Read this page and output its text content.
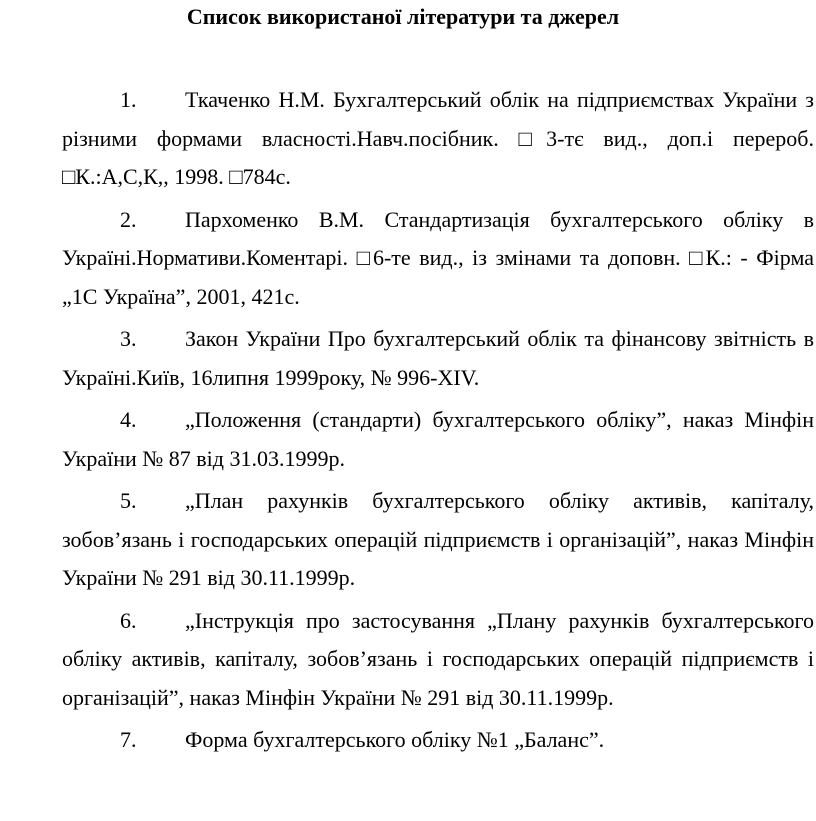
Список використаної літератури та джерел
1. Ткаченко Н.М. Бухгалтерський облік на підприємствах України з різними формами власності.Навч.посібник. □3-тє вид., доп.і перероб. □К.:А,С,К,, 1998. □784с.
2. Пархоменко В.М. Стандартизація бухгалтерського обліку в Україні.Нормативи.Коментарі. □6-те вид., із змінами та доповн. □К.: - Фірма „1С Україна”, 2001, 421с.
3. Закон України Про бухгалтерський облік та фінансову звітність в Україні.Київ, 16липня 1999року, № 996-XIV.
4. „Положення (стандарти) бухгалтерського обліку”, наказ Мінфін України № 87 від 31.03.1999р.
5. „План рахунків бухгалтерського обліку активів, капіталу, зобов’язань і господарських операцій підприємств і організацій”, наказ Мінфін України № 291 від 30.11.1999р.
6. „Інструкція про застосування „Плану рахунків бухгалтерського обліку активів, капіталу, зобов’язань і господарських операцій підприємств і організацій”, наказ Мінфін України № 291 від 30.11.1999р.
7. Форма бухгалтерського обліку №1 „Баланс”.
